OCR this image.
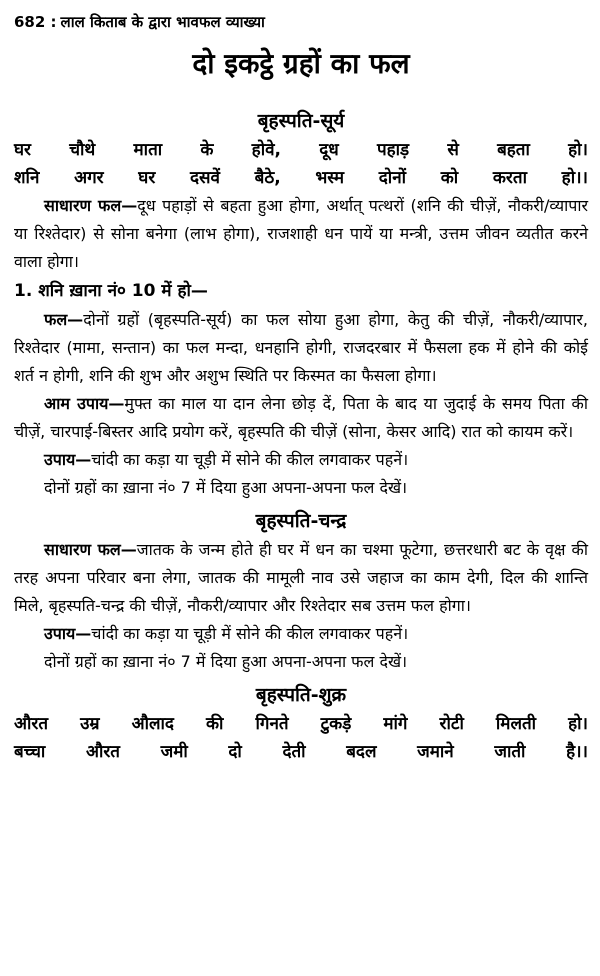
682 : लाल किताब के द्वारा भावफल व्याख्या
दो इकट्ठे ग्रहों का फल
बृहस्पति-सूर्य
घर चौथे माता के होवे, दूध पहाड़ से बहता हो।
शनि अगर घर दसवें बैठे, भस्म दोनों को करता हो।।

साधारण फल—दूध पहाड़ों से बहता हुआ होगा, अर्थात् पत्थरों (शनि की चीज़ें, नौकरी/व्यापार या रिश्तेदार) से सोना बनेगा (लाभ होगा), राजशाही धन पायें या मन्त्री, उत्तम जीवन व्यतीत करने वाला होगा।

1. शनि ख़ाना नं० 10 में हो—

फल—दोनों ग्रहों (बृहस्पति-सूर्य) का फल सोया हुआ होगा, केतु की चीज़ें, नौकरी/व्यापार, रिश्तेदार (मामा, सन्तान) का फल मन्दा, धनहानि होगी, राजदरबार में फैसला हक में होने की कोई शर्त न होगी, शनि की शुभ और अशुभ स्थिति पर किस्मत का फैसला होगा।

आम उपाय—मुफ्त का माल या दान लेना छोड़ दें, पिता के बाद या जुदाई के समय पिता की चीज़ें, चारपाई-बिस्तर आदि प्रयोग करें, बृहस्पति की चीज़ें (सोना, केसर आदि) रात को कायम करें।

उपाय—चांदी का कड़ा या चूड़ी में सोने की कील लगवाकर पहनें।

दोनों ग्रहों का ख़ाना नं० 7 में दिया हुआ अपना-अपना फल देखें।

बृहस्पति-चन्द्र

साधारण फल—जातक के जन्म होते ही घर में धन का चश्मा फूटेगा, छत्तरधारी बट के वृक्ष की तरह अपना परिवार बना लेगा, जातक की मामूली नाव उसे जहाज का काम देगी, दिल की शान्ति मिले, बृहस्पति-चन्द्र की चीज़ें, नौकरी/व्यापार और रिश्तेदार सब उत्तम फल होगा।

उपाय—चांदी का कड़ा या चूड़ी में सोने की कील लगवाकर पहनें।

दोनों ग्रहों का ख़ाना नं० 7 में दिया हुआ अपना-अपना फल देखें।

बृहस्पति-शुक्र
औरत उम्र औलाद की गिनते टुकड़े मांगे रोटी मिलती हो।
बच्चा औरत जमी दो देती बदल जमाने जाती है।।
